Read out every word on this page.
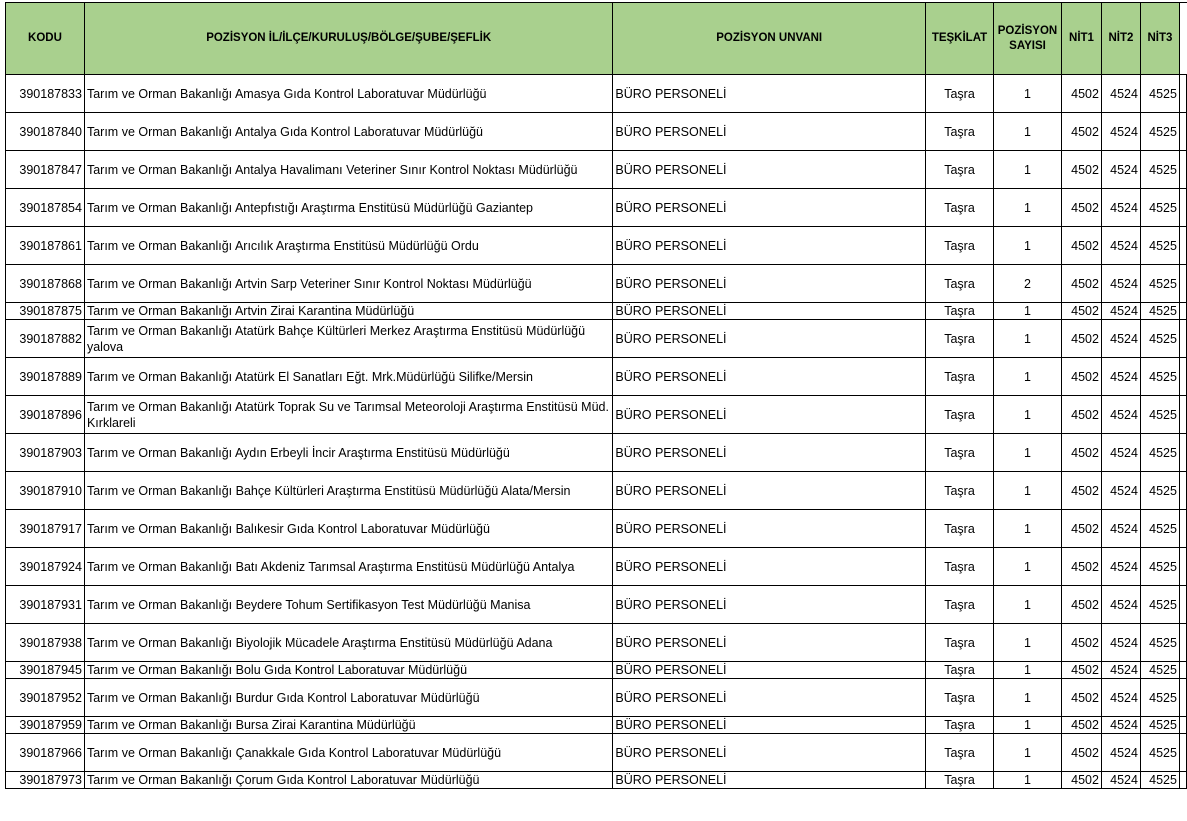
KODU	POZİSYON İL/İLÇE/KURULUŞ/BÖLGE/ŞUBE/ŞEFLİK	POZİSYON UNVANI	TEŞKİLAT	POZİSYON SAYISI	NİT1	NİT2	NİT3	
390187833	Tarım ve Orman Bakanlığı Amasya Gıda Kontrol Laboratuvar Müdürlüğü	BÜRO PERSONELİ	Taşra	1	4502	4524	4525	
390187840	Tarım ve Orman Bakanlığı Antalya Gıda Kontrol Laboratuvar Müdürlüğü	BÜRO PERSONELİ	Taşra	1	4502	4524	4525	
390187847	Tarım ve Orman Bakanlığı Antalya Havalimanı Veteriner Sınır Kontrol Noktası Müdürlüğü	BÜRO PERSONELİ	Taşra	1	4502	4524	4525	
390187854	Tarım ve Orman Bakanlığı Antepfıstığı Araştırma Enstitüsü Müdürlüğü Gaziantep	BÜRO PERSONELİ	Taşra	1	4502	4524	4525	
390187861	Tarım ve Orman Bakanlığı Arıcılık Araştırma Enstitüsü Müdürlüğü Ordu	BÜRO PERSONELİ	Taşra	1	4502	4524	4525	
390187868	Tarım ve Orman Bakanlığı Artvin Sarp Veteriner Sınır Kontrol Noktası Müdürlüğü	BÜRO PERSONELİ	Taşra	2	4502	4524	4525	
390187875	Tarım ve Orman Bakanlığı Artvin Zirai Karantina Müdürlüğü	BÜRO PERSONELİ	Taşra	1	4502	4524	4525	
390187882	Tarım ve Orman Bakanlığı Atatürk Bahçe Kültürleri Merkez Araştırma Enstitüsü Müdürlüğü yalova	BÜRO PERSONELİ	Taşra	1	4502	4524	4525	
390187889	Tarım ve Orman Bakanlığı Atatürk El Sanatları Eğt. Mrk.Müdürlüğü Silifke/Mersin	BÜRO PERSONELİ	Taşra	1	4502	4524	4525	
390187896	Tarım ve Orman Bakanlığı Atatürk Toprak Su ve Tarımsal Meteoroloji Araştırma Enstitüsü Müd. Kırklareli	BÜRO PERSONELİ	Taşra	1	4502	4524	4525	
390187903	Tarım ve Orman Bakanlığı Aydın Erbeyli İncir Araştırma Enstitüsü Müdürlüğü	BÜRO PERSONELİ	Taşra	1	4502	4524	4525	
390187910	Tarım ve Orman Bakanlığı Bahçe Kültürleri Araştırma Enstitüsü Müdürlüğü Alata/Mersin	BÜRO PERSONELİ	Taşra	1	4502	4524	4525	
390187917	Tarım ve Orman Bakanlığı Balıkesir Gıda Kontrol Laboratuvar Müdürlüğü	BÜRO PERSONELİ	Taşra	1	4502	4524	4525	
390187924	Tarım ve Orman Bakanlığı Batı Akdeniz Tarımsal Araştırma Enstitüsü Müdürlüğü Antalya	BÜRO PERSONELİ	Taşra	1	4502	4524	4525	
390187931	Tarım ve Orman Bakanlığı Beydere Tohum Sertifikasyon Test Müdürlüğü Manisa	BÜRO PERSONELİ	Taşra	1	4502	4524	4525	
390187938	Tarım ve Orman Bakanlığı Biyolojik Mücadele Araştırma Enstitüsü Müdürlüğü Adana	BÜRO PERSONELİ	Taşra	1	4502	4524	4525	
390187945	Tarım ve Orman Bakanlığı Bolu Gıda Kontrol Laboratuvar Müdürlüğü	BÜRO PERSONELİ	Taşra	1	4502	4524	4525	
390187952	Tarım ve Orman Bakanlığı Burdur Gıda Kontrol Laboratuvar Müdürlüğü	BÜRO PERSONELİ	Taşra	1	4502	4524	4525	
390187959	Tarım ve Orman Bakanlığı Bursa Zirai Karantina Müdürlüğü	BÜRO PERSONELİ	Taşra	1	4502	4524	4525	
390187966	Tarım ve Orman Bakanlığı Çanakkale Gıda Kontrol Laboratuvar Müdürlüğü	BÜRO PERSONELİ	Taşra	1	4502	4524	4525	
390187973	Tarım ve Orman Bakanlığı Çorum Gıda Kontrol Laboratuvar Müdürlüğü	BÜRO PERSONELİ	Taşra	1	4502	4524	4525	
